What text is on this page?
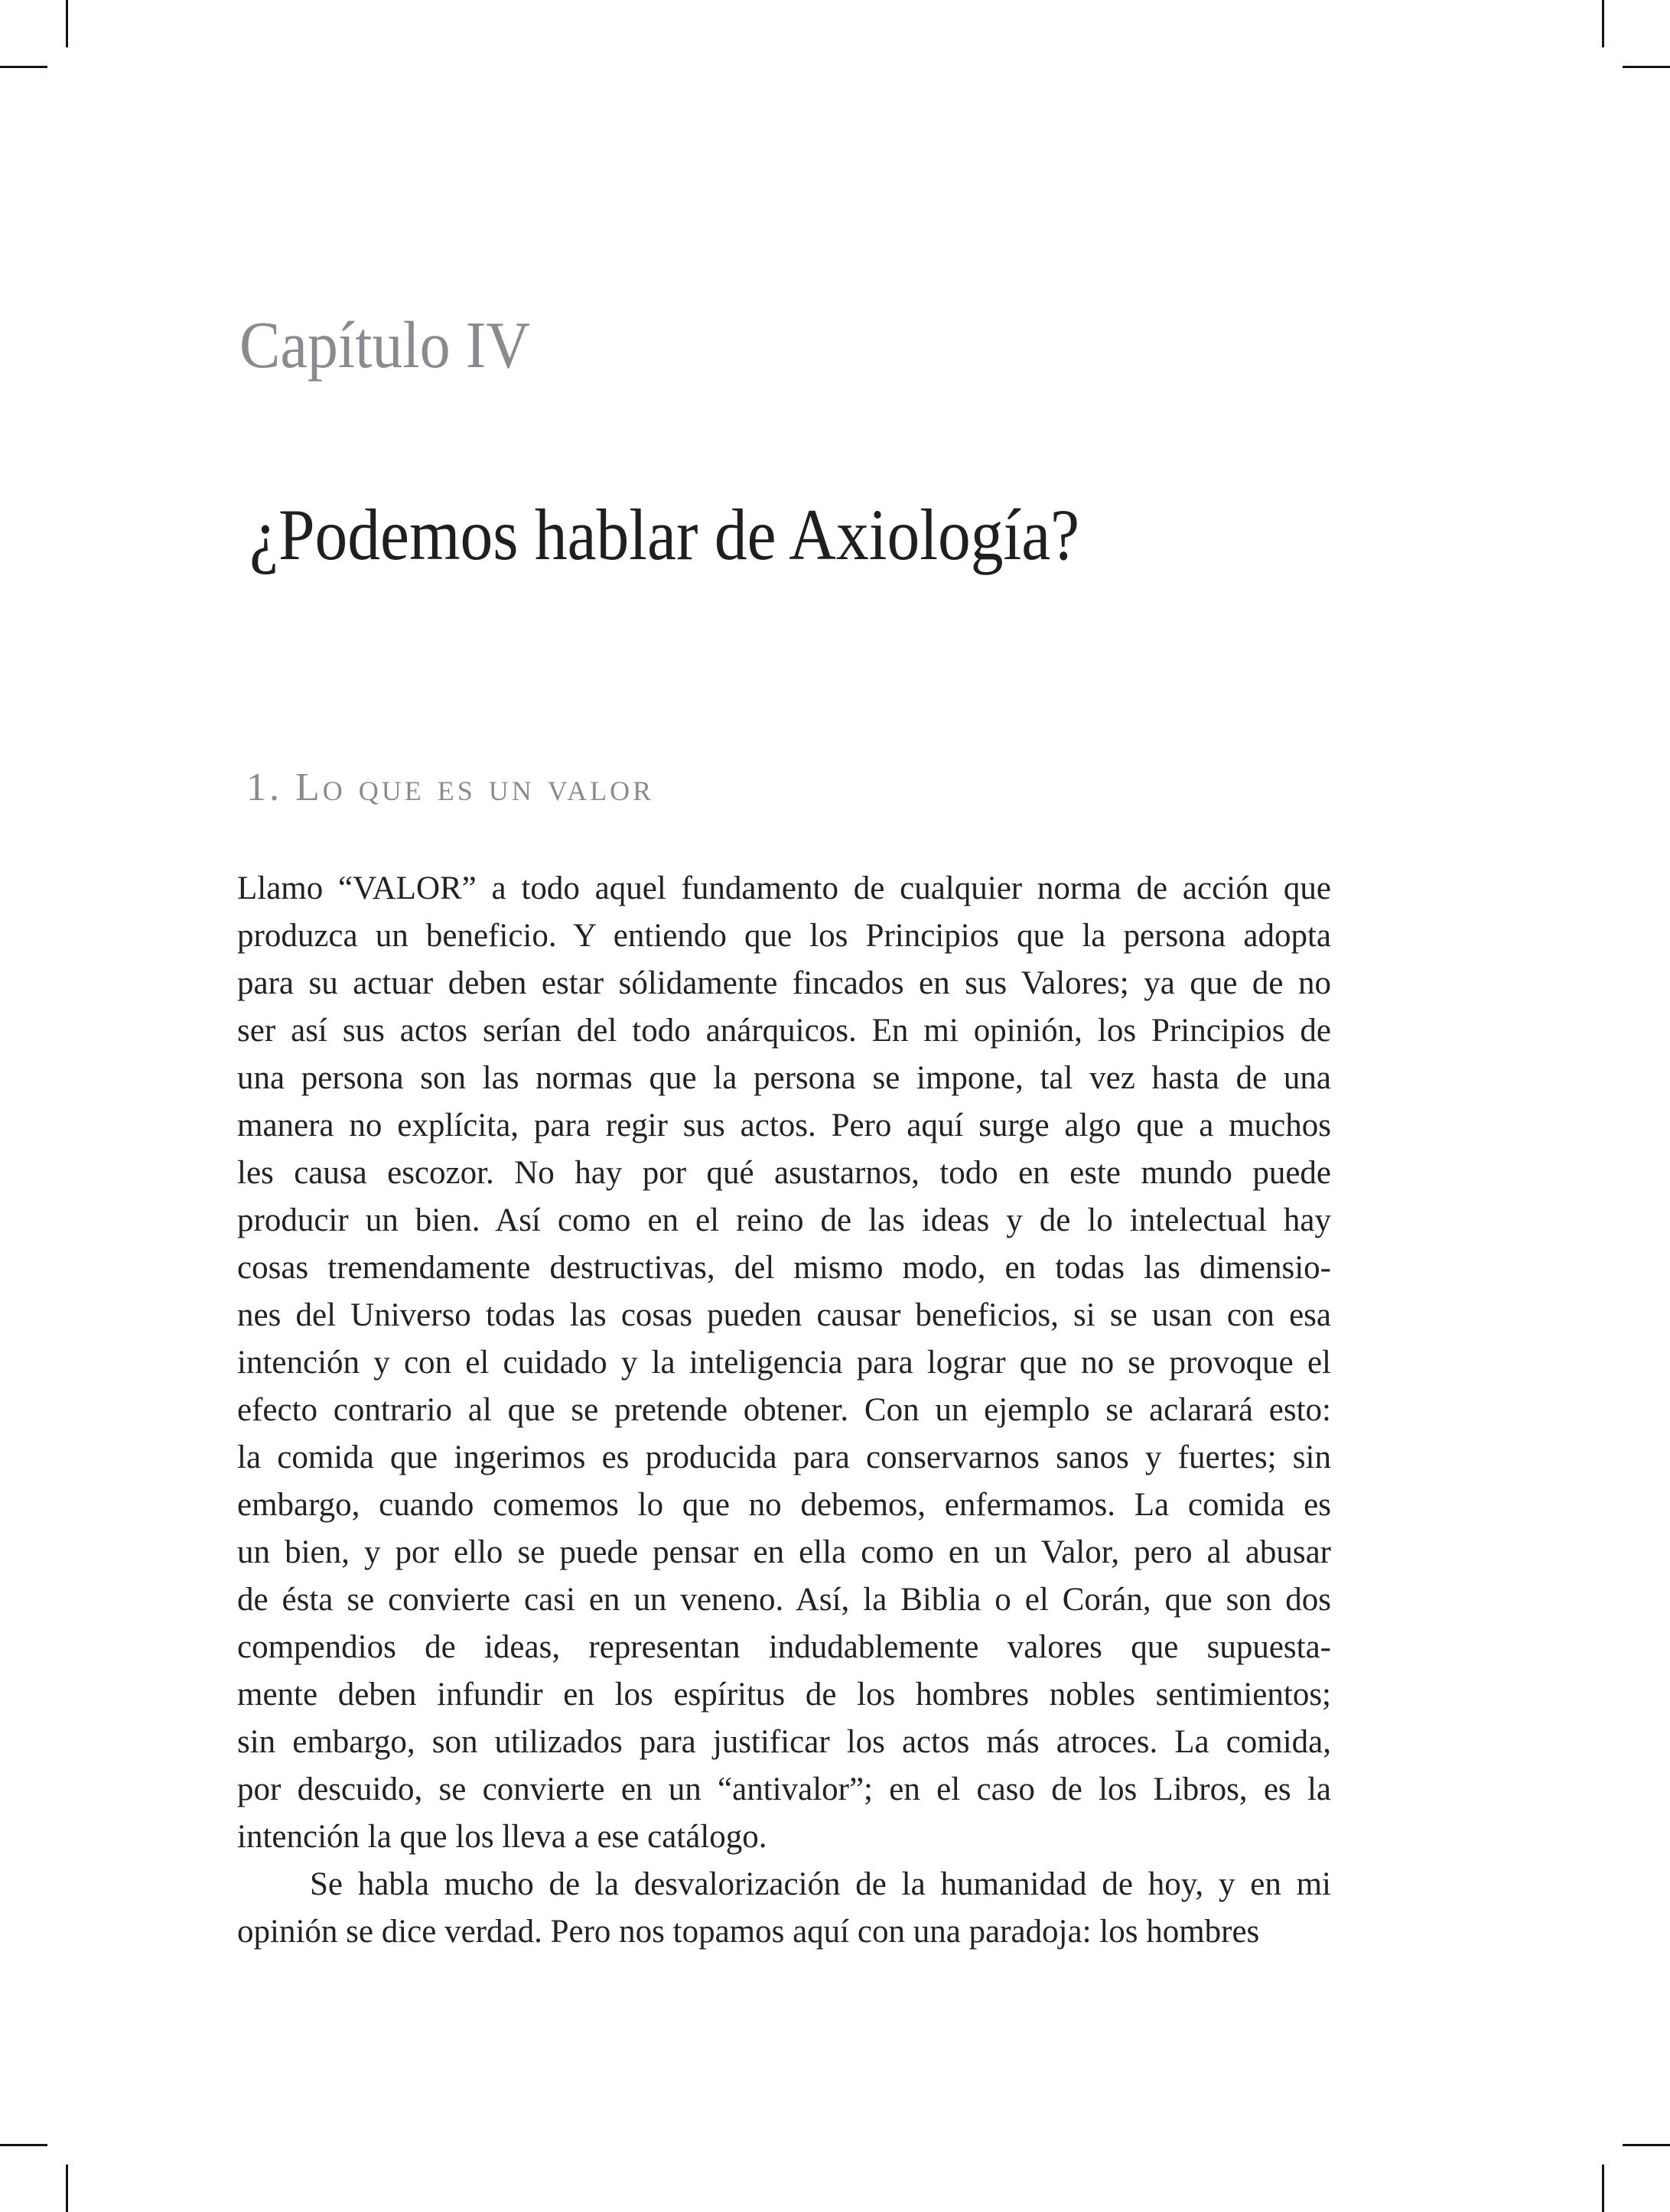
Capítulo IV
¿Podemos hablar de Axiología?
1. Lo que es un valor
Llamo “VALOR” a todo aquel fundamento de cualquier norma de acción que
produzca un beneficio. Y entiendo que los Principios que la persona adopta
para su actuar deben estar sólidamente fincados en sus Valores; ya que de no
ser así sus actos serían del todo anárquicos. En mi opinión, los Principios de
una persona son las normas que la persona se impone, tal vez hasta de una
manera no explícita, para regir sus actos. Pero aquí surge algo que a muchos
les causa escozor. No hay por qué asustarnos, todo en este mundo puede
producir un bien. Así como en el reino de las ideas y de lo intelectual hay
cosas tremendamente destructivas, del mismo modo, en todas las dimensio-
nes del Universo todas las cosas pueden causar beneficios, si se usan con esa
intención y con el cuidado y la inteligencia para lograr que no se provoque el
efecto contrario al que se pretende obtener. Con un ejemplo se aclarará esto:
la comida que ingerimos es producida para conservarnos sanos y fuertes; sin
embargo, cuando comemos lo que no debemos, enfermamos. La comida es
un bien, y por ello se puede pensar en ella como en un Valor, pero al abusar
de ésta se convierte casi en un veneno. Así, la Biblia o el Corán, que son dos
compendios de ideas, representan indudablemente valores que supuesta-
mente deben infundir en los espíritus de los hombres nobles sentimientos;
sin embargo, son utilizados para justificar los actos más atroces. La comida,
por descuido, se convierte en un “antivalor”; en el caso de los Libros, es la
intención la que los lleva a ese catálogo.
Se habla mucho de la desvalorización de la humanidad de hoy, y en mi
opinión se dice verdad. Pero nos topamos aquí con una paradoja: los hombres
